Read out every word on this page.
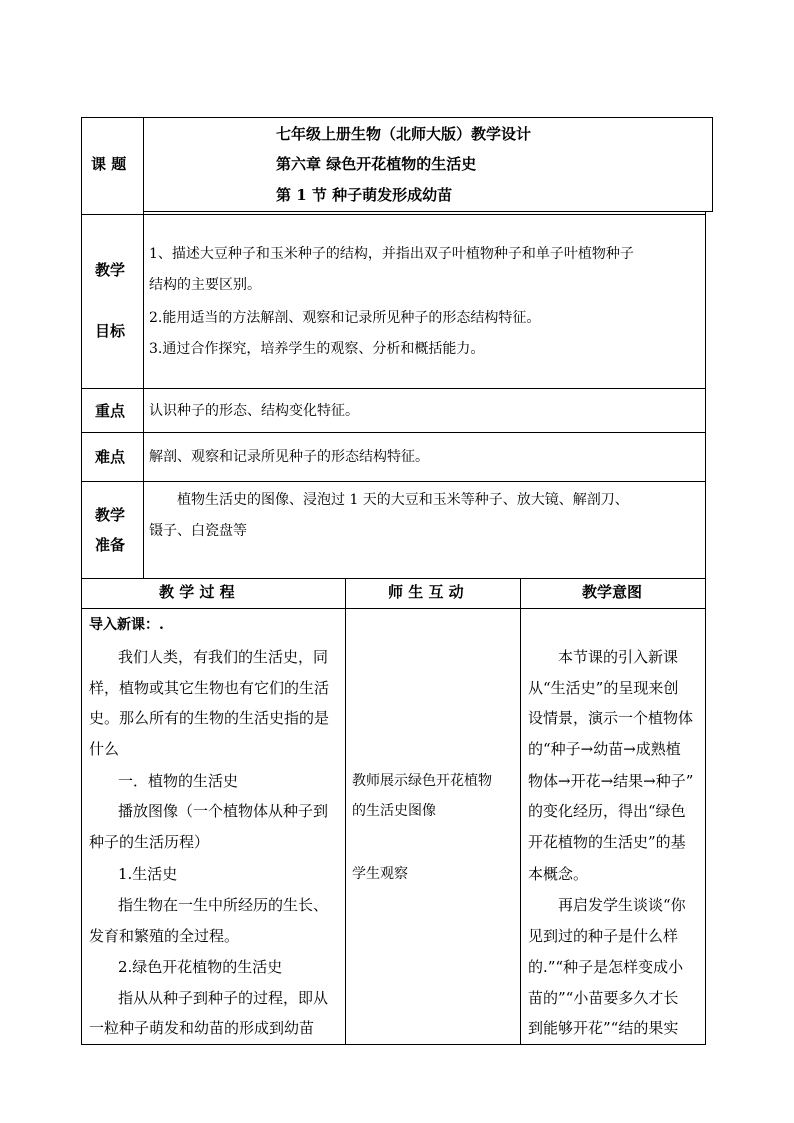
课 题
七年级上册生物（北师大版）教学设计
第六章 绿色开花植物的生活史
第 1 节 种子萌发形成幼苗
教学
目标
1、描述大豆种子和玉米种子的结构，并指出双子叶植物种子和单子叶植物种子
结构的主要区别。
2.能用适当的方法解剖、观察和记录所见种子的形态结构特征。
3.通过合作探究，培养学生的观察、分析和概括能力。
重点 认识种子的形态、结构变化特征。
难点 解剖、观察和记录所见种子的形态结构特征。
教学
准备
植物生活史的图像、浸泡过 1 天的大豆和玉米等种子、放大镜、解剖刀、
镊子、白瓷盘等
教 学 过 程	师 生 互 动	教学意图
导入新课：.
我们人类，有我们的生活史，同
样，植物或其它生物也有它们的生活
史。那么所有的生物的生活史指的是
什么
一．植物的生活史
播放图像（一个植物体从种子到
种子的生活历程）
1.生活史
指生物在一生中所经历的生长、
发育和繁殖的全过程。
2.绿色开花植物的生活史
指从从种子到种子的过程，即从
一粒种子萌发和幼苗的形成到幼苗
教师展示绿色开花植物
的生活史图像
学生观察
本节课的引入新课
从“生活史”的呈现来创
设情景，演示一个植物体
的“种子→幼苗→成熟植
物体→开花→结果→种子”
的变化经历，得出“绿色
开花植物的生活史”的基
本概念。
再启发学生谈谈“你
见到过的种子是什么样
的.”“种子是怎样变成小
苗的”“小苗要多久才长
到能够开花”“结的果实
